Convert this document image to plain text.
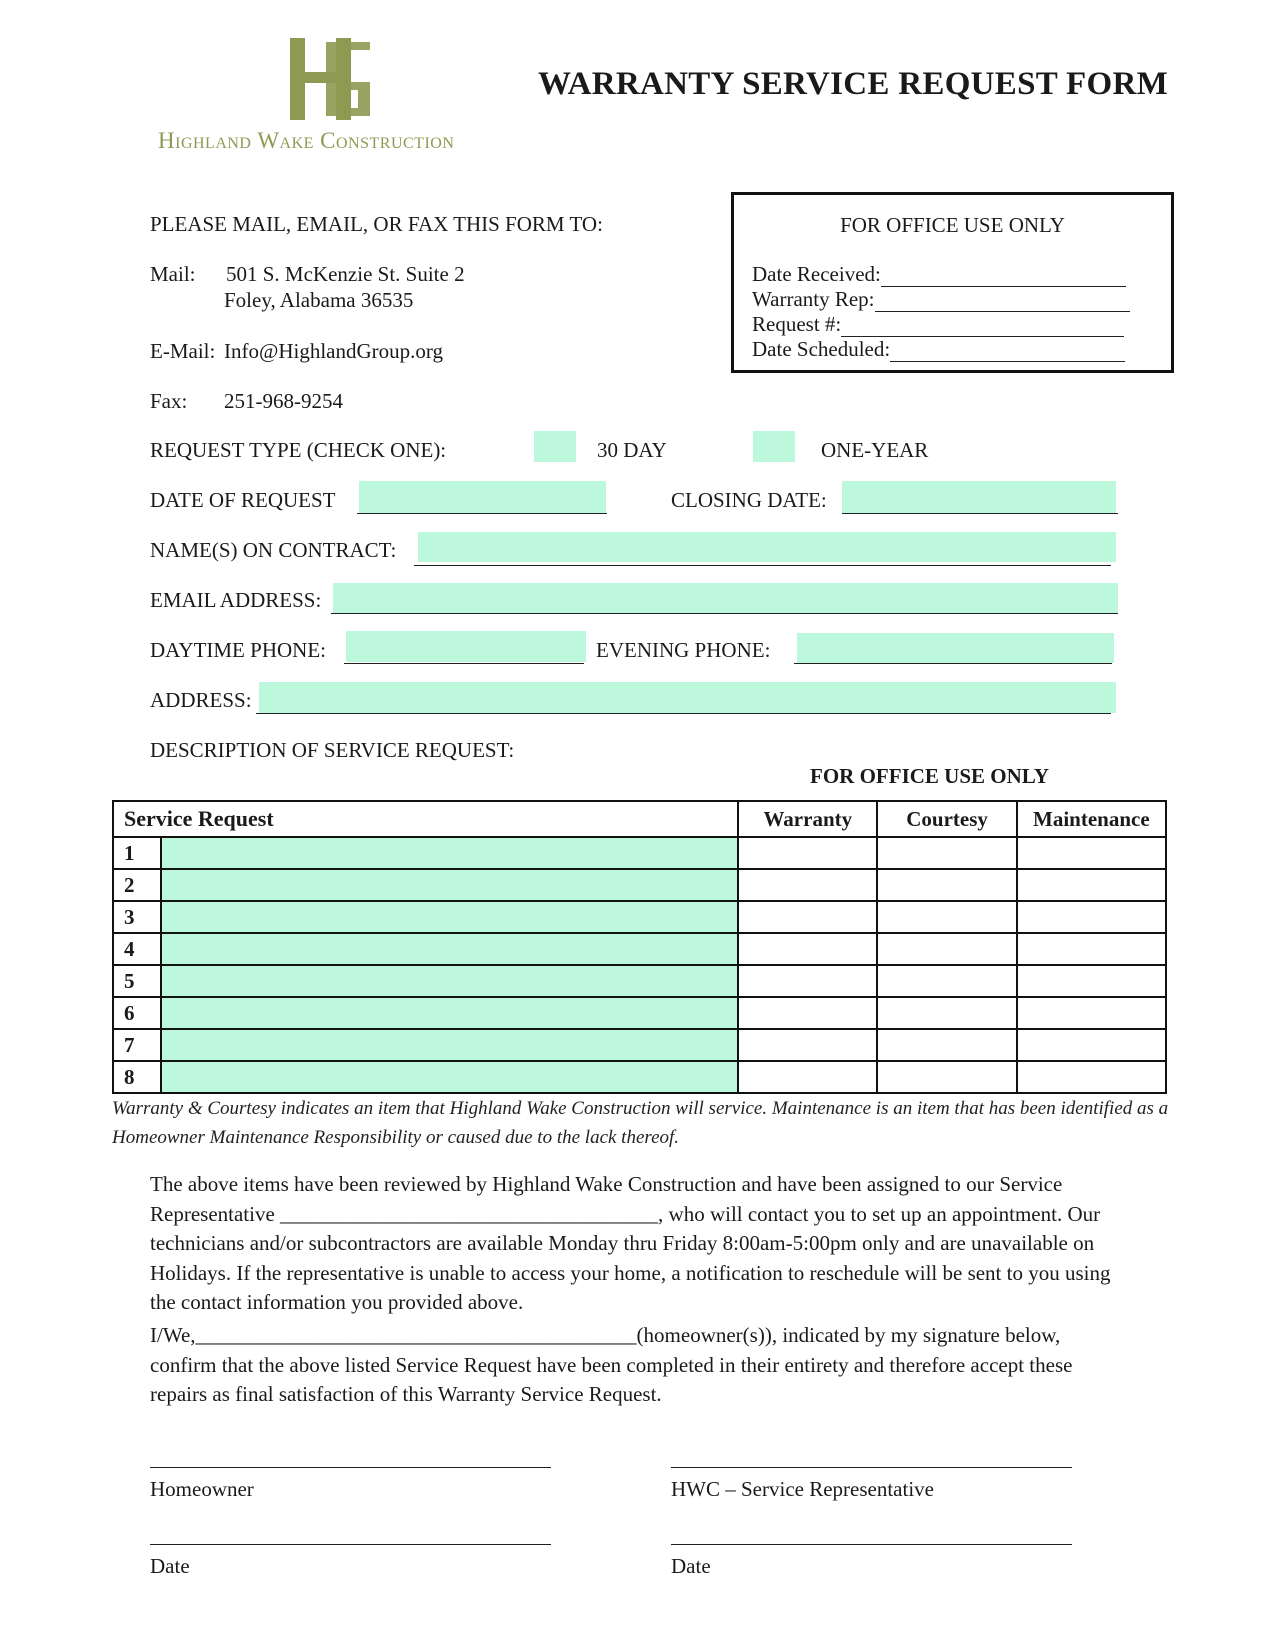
Highland Wake Construction
WARRANTY SERVICE REQUEST FORM
PLEASE MAIL, EMAIL, OR FAX THIS FORM TO:
Mail: 501 S. McKenzie St. Suite 2
Foley, Alabama 36535
E-Mail: Info@HighlandGroup.org
Fax: 251-968-9254
FOR OFFICE USE ONLY
Date Received:
Warranty Rep:
Request #:
Date Scheduled:
REQUEST TYPE (CHECK ONE):	30 DAY	ONE-YEAR
DATE OF REQUEST	CLOSING DATE:
NAME(S) ON CONTRACT:
EMAIL ADDRESS:
DAYTIME PHONE:	EVENING PHONE:
ADDRESS:
DESCRIPTION OF SERVICE REQUEST:
FOR OFFICE USE ONLY
Service Request		Warranty	Courtesy	Maintenance
1				
2				
3				
4				
5				
6				
7				
8				
Warranty & Courtesy indicates an item that Highland Wake Construction will service. Maintenance is an item that has been identified as a Homeowner Maintenance Responsibility or caused due to the lack thereof.
The above items have been reviewed by Highland Wake Construction and have been assigned to our Service Representative ____________________________________, who will contact you to set up an appointment. Our technicians and/or subcontractors are available Monday thru Friday 8:00am-5:00pm only and are unavailable on Holidays. If the representative is unable to access your home, a notification to reschedule will be sent to you using the contact information you provided above.
I/We,__________________________________________(homeowner(s)), indicated by my signature below, confirm that the above listed Service Request have been completed in their entirety and therefore accept these repairs as final satisfaction of this Warranty Service Request.
Homeowner	HWC – Service Representative
Date	Date
